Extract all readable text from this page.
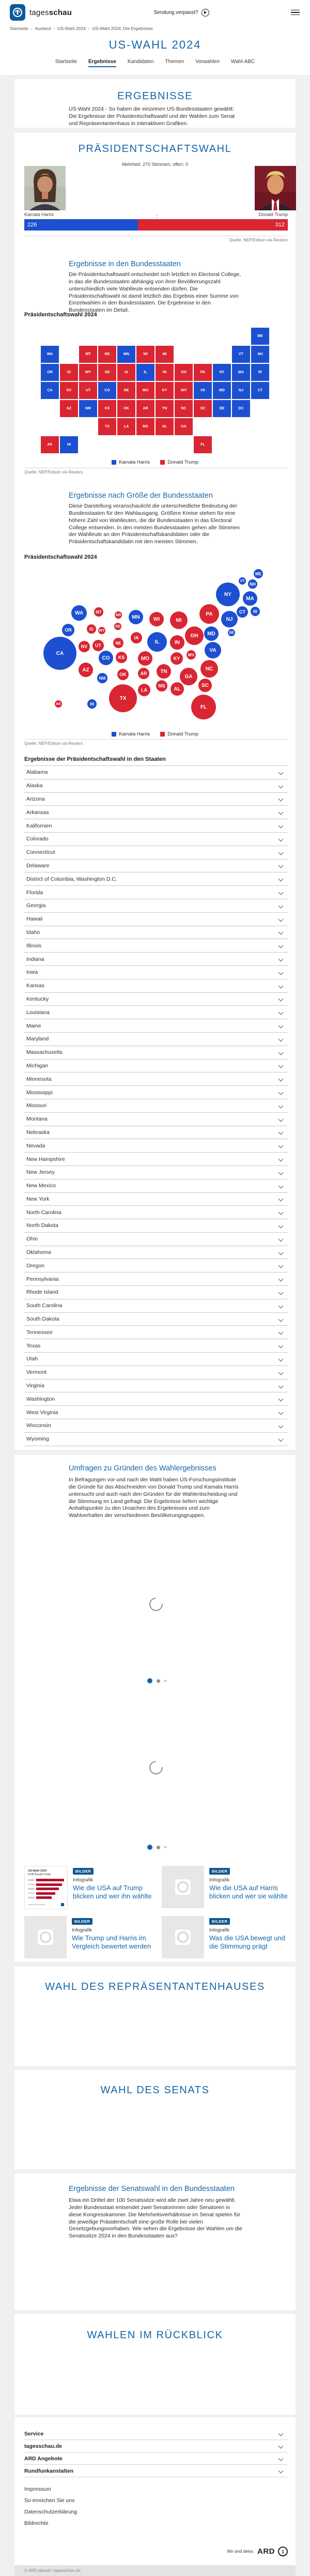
tagesschau	Sendung verpasst?
Startseite › Ausland › US-Wahl 2024 › US-Wahl 2024: Die Ergebnisse
US-WAHL 2024
Startseite Ergebnisse Kandidaten Themen Vorwahlen Wahl-ABC
ERGEBNISSE

US-Wahl 2024 - So haben die einzelnen US-Bundesstaaten gewählt: Die Ergebnisse der Präsidentschaftswahl und der Wahlen zum Senat und Repräsentantenhaus in interaktiven Grafiken.

PRÄSIDENTSCHAFTSWAHL
Mehrheit: 270 Stimmen, offen: 0
Kamala Harris	Donald Trump
226	312
Quelle: NEP/Edison via Reuters
Ergebnisse in den Bundesstaaten

Die Präsidentschaftswahl entscheidet sich letztlich im Electoral College, in das die Bundesstaaten abhängig von ihrer Bevölkerungszahl unterschiedlich viele Wahlleute entsenden dürfen. Die Präsidentschaftswahl ist damit letztlich das Ergebnis einer Summe von Einzelwahlen in den Bundesstaaten. Die Ergebnisse in den Bundesstaaten im Detail.

Präsidentschaftswahl 2024
ME
WA	MT	ND	MN	WI	MI	VT	NH
OR	ID	WY	SD	IA	IL	IN	OH	PA	NY	MA	RI
CA	NV	UT	CO	NE	MO	KY	WV	VA	MD	NJ	CT
AZ	NM	KS	OK	AR	TN	NC	SC	DE	DC
TX	LA	MS	AL	GA
AK	HI	FL
Kamala Harris	Donald Trump
Quelle: NEP/Edison via Reuters
Ergebnisse nach Größe der Bundesstaaten

Diese Darstellung veranschaulicht die unterschiedliche Bedeutung der Bundesstaaten für den Wahlausgang. Größere Kreise stehen für eine höhere Zahl von Wahlleuten, die die Bundesstaaten in das Electoral College entsenden. In den meisten Bundesstaaten gehen alle Stimmen der Wahlleute an den Präsidentschaftskandidaten oder die Präsidentschaftskandidatin mit den meisten Stimmen.

Präsidentschaftswahl 2024
ME
VT
NH
NY
MA
CT	RI
WA	MT
ND	MN	WI	MI
PA
NJ
OR	ID	WY
SD
IA
IL	IN
OH	MD	DE
CA
NV	UT	NE
CO	KS	MO	KY
WV
VA
AZ
NM
OK	AR	TN	NC
GA
SC
MS
AL
LA
TX
AK	HI
FL
Kamala Harris	Donald Trump
Quelle: NEP/Edison via Reuters
Ergebnisse der Präsidentschaftswahl in den Staaten
Alabama
Alaska
Arizona
Arkansas
Kalifornien
Colorado
Connecticut
Delaware
District of Columbia, Washington D.C.
Florida
Georgia
Hawaii
Idaho
Illinois
Indiana
Iowa
Kansas
Kentucky
Louisiana
Maine
Maryland
Massachusetts
Michigan
Minnesota
Mississippi
Missouri
Montana
Nebraska
Nevada
New Hampshire
New Jersey
New Mexico
New York
North Carolina
North Dakota
Ohio
Oklahoma
Oregon
Pennsylvania
Rhode Island
South Carolina
South Dakota
Tennessee
Texas
Utah
Vermont
Virginia
Washington
West Virginia
Wisconsin
Wyoming
Umfragen zu Gründen des Wahlergebnisses

In Befragungen vor und nach der Wahl haben US-Forschungsinstitute die Gründe für das Abschneiden von Donald Trump und Kamala Harris untersucht und auch nach den Gründen für die Wahlentscheidung und die Stimmung im Land gefragt. Die Ergebnisse liefern wichtige Anhaltspunkte zu den Ursachen des Ergebnisses und zum Wahlverhalten der verschiedenen Bevölkerungsgruppen.

US-Wahl 2024
Profil Donald Trump
BILDER
Infografik
Wie die USA auf Trump blicken und wer ihn wählte
BILDER
Infografik
Wie die USA auf Harris blicken und wer sie wählte
BILDER
Infografik
Wie Trump und Harris im Vergleich bewertet werden
BILDER
Infografik
Was die USA bewegt und die Stimmung prägt
WAHL DES REPRÄSENTANTENHAUSES
WAHL DES SENATS
Ergebnisse der Senatswahl in den Bundesstaaten

Etwa ein Drittel der 100 Senatssitze wird alle zwei Jahre neu gewählt. Jeder Bundesstaat entsendet zwei Senatorinnen oder Senatoren in diese Kongresskammer. Die Mehrheitsverhältnisse im Senat spielen für die jeweilige Präsidentschaft eine große Rolle bei vielen Gesetzgebungsvorhaben. Wie sehen die Ergebnisse der Wahlen um die Senatssitze 2024 in den Bundesstaaten aus?

WAHLEN IM RÜCKBLICK
Service
tagesschau.de
ARD Angebote
Rundfunkanstalten
Impressum
So erreichen Sie uns
Datenschutzerklärung
Bildrechte
Wir sind deins. ARD	1
© ARD-aktuell / tagesschau.de
